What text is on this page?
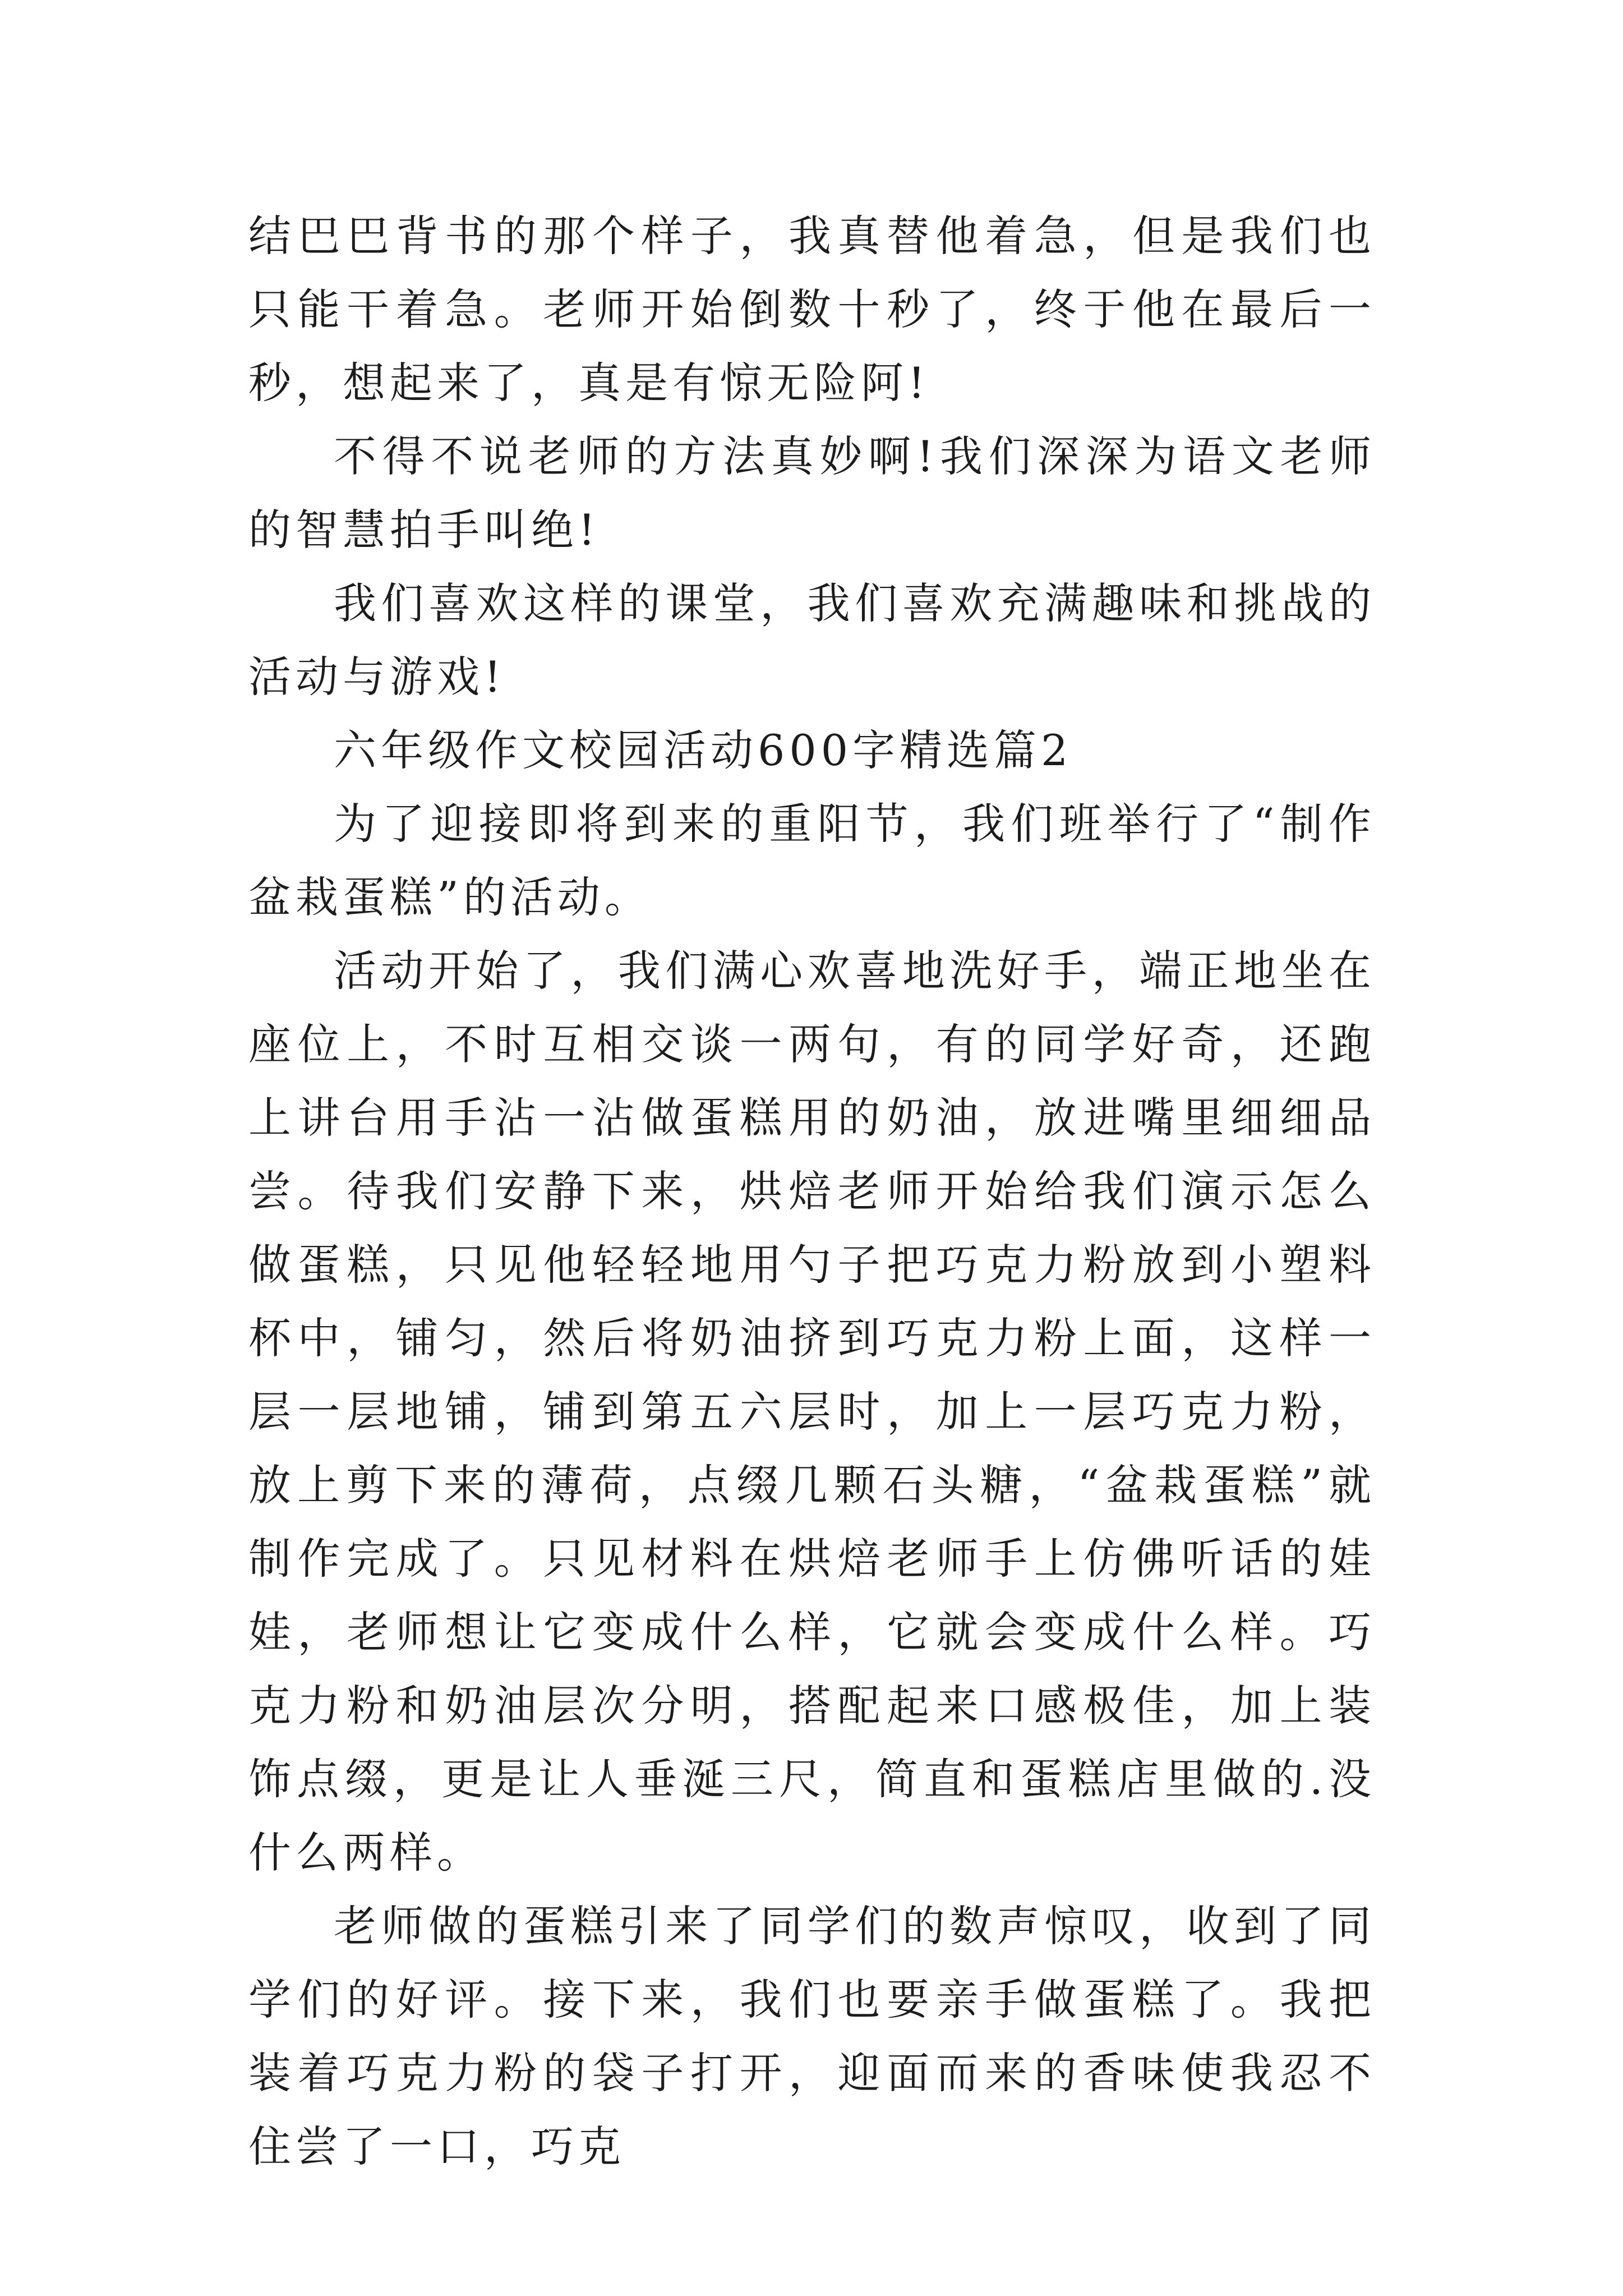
结巴巴背书的那个样子，我真替他着急，但是我们也只能干着急。老师开始倒数十秒了，终于他在最后一秒，想起来了，真是有惊无险阿!

不得不说老师的方法真妙啊!我们深深为语文老师的智慧拍手叫绝!

我们喜欢这样的课堂，我们喜欢充满趣味和挑战的活动与游戏!

六年级作文校园活动600字精选篇2

为了迎接即将到来的重阳节，我们班举行了“制作盆栽蛋糕”的活动。

活动开始了，我们满心欢喜地洗好手，端正地坐在座位上，不时互相交谈一两句，有的同学好奇，还跑上讲台用手沾一沾做蛋糕用的奶油，放进嘴里细细品尝。待我们安静下来，烘焙老师开始给我们演示怎么做蛋糕，只见他轻轻地用勺子把巧克力粉放到小塑料杯中，铺匀，然后将奶油挤到巧克力粉上面，这样一层一层地铺，铺到第五六层时，加上一层巧克力粉，放上剪下来的薄荷，点缀几颗石头糖，“盆栽蛋糕”就制作完成了。只见材料在烘焙老师手上仿佛听话的娃娃，老师想让它变成什么样，它就会变成什么样。巧克力粉和奶油层次分明，搭配起来口感极佳，加上装饰点缀，更是让人垂涎三尺，简直和蛋糕店里做的.没什么两样。

老师做的蛋糕引来了同学们的数声惊叹，收到了同学们的好评。接下来，我们也要亲手做蛋糕了。我把装着巧克力粉的袋子打开，迎面而来的香味使我忍不住尝了一口，巧克
